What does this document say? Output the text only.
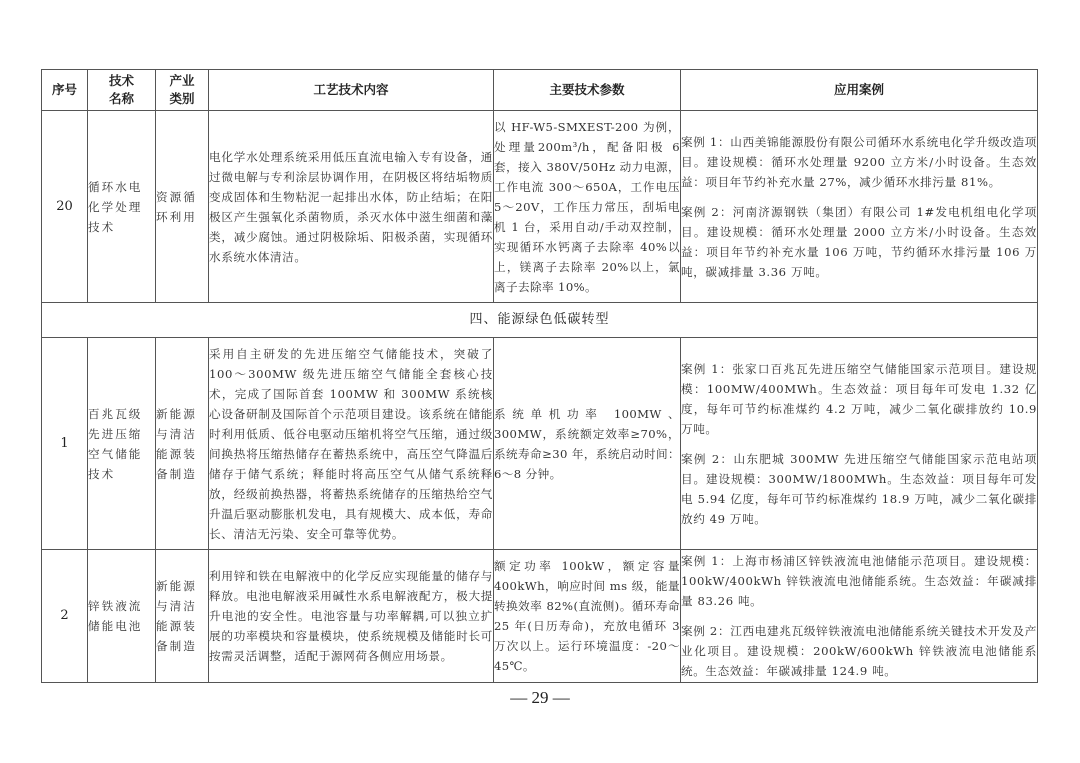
序号	技术名称	产业类别	工艺技术内容	主要技术参数	应用案例
20	循环水电化学处理技术	资源循环利用	电化学水处理系统采用低压直流电输入专有设备，通过微电解与专利涂层协调作用，在阴极区将结垢物质变成固体和生物粘泥一起排出水体，防止结垢；在阳极区产生强氧化杀菌物质，杀灭水体中滋生细菌和藻类，减少腐蚀。通过阴极除垢、阳极杀菌，实现循环水系统水体清洁。	以 HF-W5-SMXEST-200 为例，处理量200m³/h，配备阳极 6 套，接入 380V/50Hz 动力电源，工作电流 300～650A，工作电压 5～20V，工作压力常压，刮垢电机 1 台，采用自动/手动双控制，实现循环水钙离子去除率 40%以上，镁离子去除率 20%以上，氯离子去除率 10%。	案例 1：山西美锦能源股份有限公司循环水系统电化学升级改造项目。建设规模：循环水处理量 9200 立方米/小时设备。生态效益：项目年节约补充水量 27%，减少循环水排污量 81%。
案例 2：河南济源钢铁（集团）有限公司 1#发电机组电化学项目。建设规模：循环水处理量 2000 立方米/小时设备。生态效益：项目年节约补充水量 106 万吨，节约循环水排污量 106 万吨，碳减排量 3.36 万吨。

四、能源绿色低碳转型					
1	百兆瓦级先进压缩空气储能技术	新能源与清洁能源装备制造	采用自主研发的先进压缩空气储能技术，突破了 100～300MW 级先进压缩空气储能全套核心技术，完成了国际首套 100MW 和 300MW 系统核心设备研制及国际首个示范项目建设。该系统在储能时利用低质、低谷电驱动压缩机将空气压缩，通过级间换热将压缩热储存在蓄热系统中，高压空气降温后储存于储气系统；释能时将高压空气从储气系统释放，经级前换热器，将蓄热系统储存的压缩热给空气升温后驱动膨胀机发电，具有规模大、成本低，寿命长、清洁无污染、安全可靠等优势。	系统单机功率 100MW、300MW，系统额定效率≥70%，系统寿命≥30 年，系统启动时间：6～8 分钟。	
案例 1：张家口百兆瓦先进压缩空气储能国家示范项目。建设规模：100MW/400MWh。生态效益：项目每年可发电 1.32 亿度，每年可节约标准煤约 4.2 万吨，减少二氧化碳排放约 10.9 万吨。
案例 2：山东肥城 300MW 先进压缩空气储能国家示范电站项目。建设规模：300MW/1800MWh。生态效益：项目每年可发电 5.94 亿度，每年可节约标准煤约 18.9 万吨，减少二氧化碳排放约 49 万吨。

2	锌铁液流储能电池	新能源与清洁能源装备制造	利用锌和铁在电解液中的化学反应实现能量的储存与释放。电池电解液采用碱性水系电解液配方，极大提升电池的安全性。电池容量与功率解耦,可以独立扩展的功率模块和容量模块，使系统规模及储能时长可按需灵活调整，适配于源网荷各侧应用场景。	额定功率 100kW，额定容量 400kWh，响应时间 ms 级，能量转换效率 82%(直流侧)。循环寿命 25 年(日历寿命)，充放电循环 3 万次以上。运行环境温度：-20～45℃。	案例 1：上海市杨浦区锌铁液流电池储能示范项目。建设规模：100kW/400kWh 锌铁液流电池储能系统。生态效益：年碳减排量 83.26 吨。
案例 2：江西电建兆瓦级锌铁液流电池储能系统关键技术开发及产业化项目。建设规模：200kW/600kWh 锌铁液流电池储能系统。生态效益：年碳减排量 124.9 吨。
— 29 —
